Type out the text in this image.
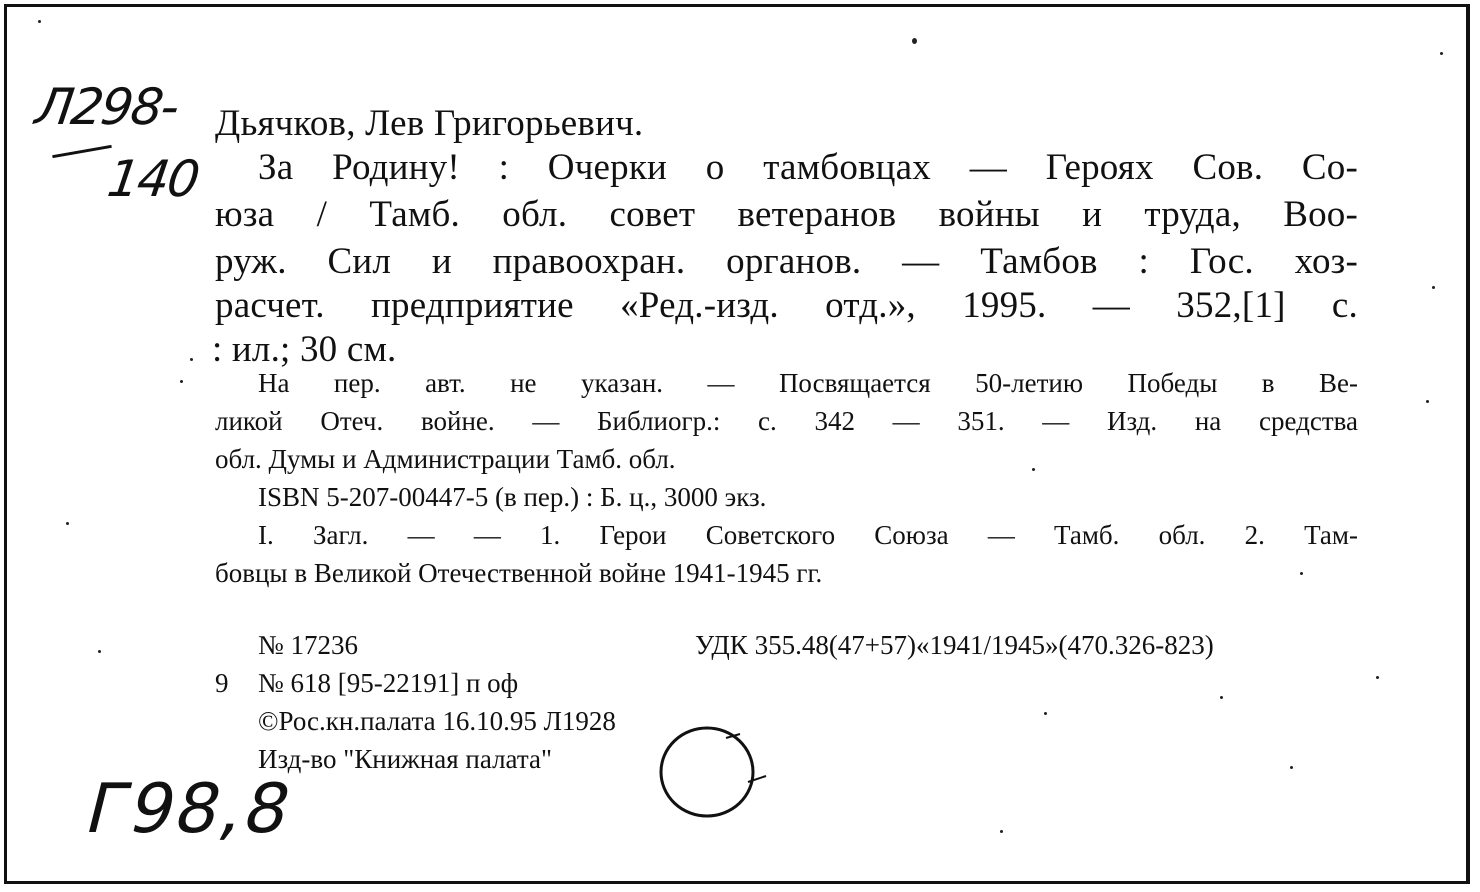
Л298-
140
Г98,8
Дьячков, Лев Григорьевич.
За Родину! : Очерки о тамбовцах — Героях Сов. Со-
юза / Тамб. обл. совет ветеранов войны и труда, Воо-
руж. Сил и правоохран. органов. — Тамбов : Гос. хоз-
расчет. предприятие «Ред.-изд. отд.», 1995. — 352,[1] с.
: ил.; 30 см.
На пер. авт. не указан. — Посвящается 50-летию Победы в Ве-
ликой Отеч. войне. — Библиогр.: с. 342 — 351. — Изд. на средства
обл. Думы и Администрации Тамб. обл.
ISBN 5-207-00447-5 (в пер.) : Б. ц., 3000 экз.
I. Загл. — — 1. Герои Советского Союза — Тамб. обл. 2. Там-
бовцы в Великой Отечественной войне 1941-1945 гг.
№ 17236	УДК 355.48(47+57)«1941/1945»(470.326-823)
9 № 618 [95-22191] п оф
©Рос.кн.палата 16.10.95 Л1928
Изд-во "Книжная палата"
